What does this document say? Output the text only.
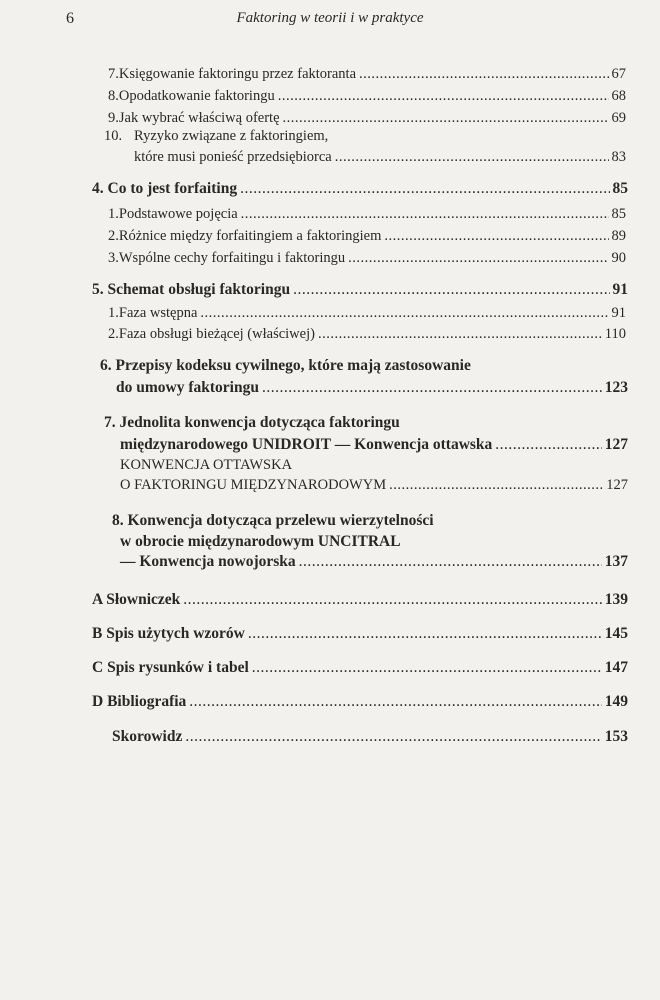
6	Faktoring w teorii i w praktyce
7. Księgowanie faktoringu przez faktoranta .....	67
8. Opodatkowanie faktoringu .....	68
9. Jak wybrać właściwą ofertę .....	69
10. Ryzyko związane z faktoringiem,
które musi ponieść przedsiębiorca .....	83
4. Co to jest forfaiting .....	85
1. Podstawowe pojęcia .....	85
2. Różnice między forfaitingiem a faktoringiem .....	89
3. Wspólne cechy forfaitingu i faktoringu .....	90
5. Schemat obsługi faktoringu .....	91
1. Faza wstępna .....	91
2. Faza obsługi bieżącej (właściwej) .....	110
6. Przepisy kodeksu cywilnego, które mają zastosowanie
do umowy faktoringu .....	123
7. Jednolita konwencja dotycząca faktoringu
międzynarodowego UNIDROIT — Konwencja ottawska .....	127
KONWENCJA OTTAWSKA
O FAKTORINGU MIĘDZYNARODOWYM .....	127
8. Konwencja dotycząca przelewu wierzytelności
w obrocie międzynarodowym UNCITRAL
— Konwencja nowojorska .....	137
A Słowniczek .....	139
B Spis użytych wzorów .....	145
C Spis rysunków i tabel .....	147
D Bibliografia .....	149
Skorowidz .....	153
